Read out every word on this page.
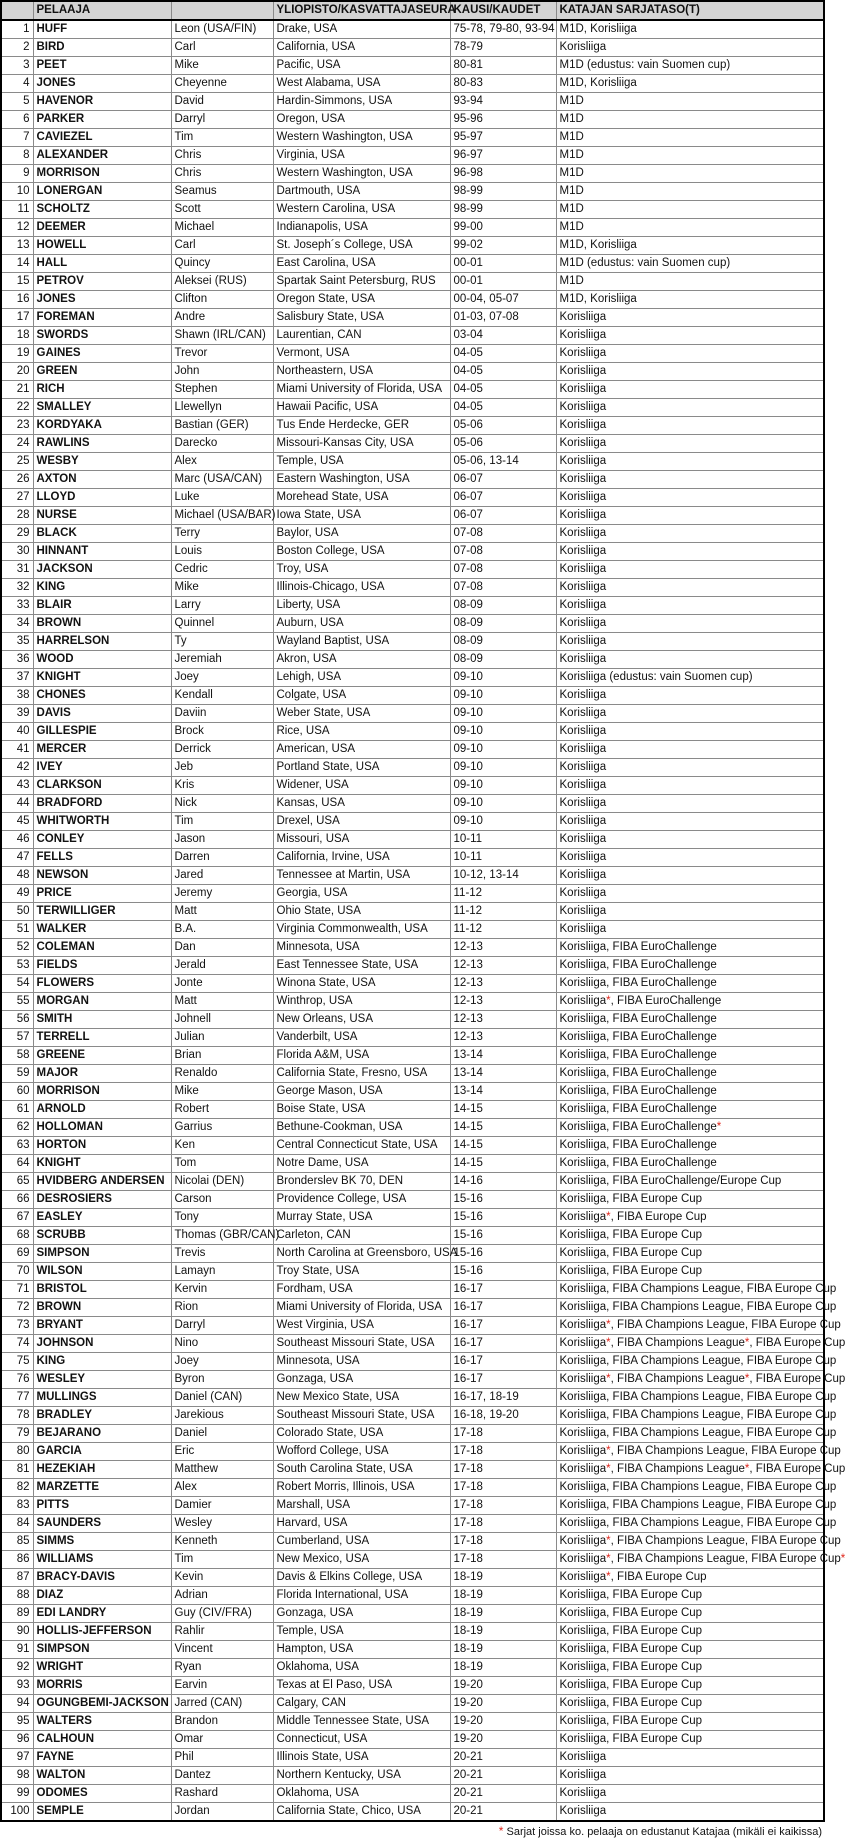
	PELAAJA		YLIOPISTO/KASVATTAJASEURA	KAUSI/KAUDET	KATAJAN SARJATASO(T)
1	HUFF	Leon (USA/FIN)	Drake, USA	75-78, 79-80, 93-94	M1D, Korisliiga
2	BIRD	Carl	California, USA	78-79	Korisliiga
3	PEET	Mike	Pacific, USA	80-81	M1D (edustus: vain Suomen cup)
4	JONES	Cheyenne	West Alabama, USA	80-83	M1D, Korisliiga
5	HAVENOR	David	Hardin-Simmons, USA	93-94	M1D
6	PARKER	Darryl	Oregon, USA	95-96	M1D
7	CAVIEZEL	Tim	Western Washington, USA	95-97	M1D
8	ALEXANDER	Chris	Virginia, USA	96-97	M1D
9	MORRISON	Chris	Western Washington, USA	96-98	M1D
10	LONERGAN	Seamus	Dartmouth, USA	98-99	M1D
11	SCHOLTZ	Scott	Western Carolina, USA	98-99	M1D
12	DEEMER	Michael	Indianapolis, USA	99-00	M1D
13	HOWELL	Carl	St. Joseph´s College, USA	99-02	M1D, Korisliiga
14	HALL	Quincy	East Carolina, USA	00-01	M1D (edustus: vain Suomen cup)
15	PETROV	Aleksei (RUS)	Spartak Saint Petersburg, RUS	00-01	M1D
16	JONES	Clifton	Oregon State, USA	00-04, 05-07	M1D, Korisliiga
17	FOREMAN	Andre	Salisbury State, USA	01-03, 07-08	Korisliiga
18	SWORDS	Shawn (IRL/CAN)	Laurentian, CAN	03-04	Korisliiga
19	GAINES	Trevor	Vermont, USA	04-05	Korisliiga
20	GREEN	John	Northeastern, USA	04-05	Korisliiga
21	RICH	Stephen	Miami University of Florida, USA	04-05	Korisliiga
22	SMALLEY	Llewellyn	Hawaii Pacific, USA	04-05	Korisliiga
23	KORDYAKA	Bastian (GER)	Tus Ende Herdecke, GER	05-06	Korisliiga
24	RAWLINS	Darecko	Missouri-Kansas City, USA	05-06	Korisliiga
25	WESBY	Alex	Temple, USA	05-06, 13-14	Korisliiga
26	AXTON	Marc (USA/CAN)	Eastern Washington, USA	06-07	Korisliiga
27	LLOYD	Luke	Morehead State, USA	06-07	Korisliiga
28	NURSE	Michael (USA/BAR)	Iowa State, USA	06-07	Korisliiga
29	BLACK	Terry	Baylor, USA	07-08	Korisliiga
30	HINNANT	Louis	Boston College, USA	07-08	Korisliiga
31	JACKSON	Cedric	Troy, USA	07-08	Korisliiga
32	KING	Mike	Illinois-Chicago, USA	07-08	Korisliiga
33	BLAIR	Larry	Liberty, USA	08-09	Korisliiga
34	BROWN	Quinnel	Auburn, USA	08-09	Korisliiga
35	HARRELSON	Ty	Wayland Baptist, USA	08-09	Korisliiga
36	WOOD	Jeremiah	Akron, USA	08-09	Korisliiga
37	KNIGHT	Joey	Lehigh, USA	09-10	Korisliiga (edustus: vain Suomen cup)
38	CHONES	Kendall	Colgate, USA	09-10	Korisliiga
39	DAVIS	Daviin	Weber State, USA	09-10	Korisliiga
40	GILLESPIE	Brock	Rice, USA	09-10	Korisliiga
41	MERCER	Derrick	American, USA	09-10	Korisliiga
42	IVEY	Jeb	Portland State, USA	09-10	Korisliiga
43	CLARKSON	Kris	Widener, USA	09-10	Korisliiga
44	BRADFORD	Nick	Kansas, USA	09-10	Korisliiga
45	WHITWORTH	Tim	Drexel, USA	09-10	Korisliiga
46	CONLEY	Jason	Missouri, USA	10-11	Korisliiga
47	FELLS	Darren	California, Irvine, USA	10-11	Korisliiga
48	NEWSON	Jared	Tennessee at Martin, USA	10-12, 13-14	Korisliiga
49	PRICE	Jeremy	Georgia, USA	11-12	Korisliiga
50	TERWILLIGER	Matt	Ohio State, USA	11-12	Korisliiga
51	WALKER	B.A.	Virginia Commonwealth, USA	11-12	Korisliiga
52	COLEMAN	Dan	Minnesota, USA	12-13	Korisliiga, FIBA EuroChallenge
53	FIELDS	Jerald	East Tennessee State, USA	12-13	Korisliiga, FIBA EuroChallenge
54	FLOWERS	Jonte	Winona State, USA	12-13	Korisliiga, FIBA EuroChallenge
55	MORGAN	Matt	Winthrop, USA	12-13	Korisliiga*, FIBA EuroChallenge
56	SMITH	Johnell	New Orleans, USA	12-13	Korisliiga, FIBA EuroChallenge
57	TERRELL	Julian	Vanderbilt, USA	12-13	Korisliiga, FIBA EuroChallenge
58	GREENE	Brian	Florida A&M, USA	13-14	Korisliiga, FIBA EuroChallenge
59	MAJOR	Renaldo	California State, Fresno, USA	13-14	Korisliiga, FIBA EuroChallenge
60	MORRISON	Mike	George Mason, USA	13-14	Korisliiga, FIBA EuroChallenge
61	ARNOLD	Robert	Boise State, USA	14-15	Korisliiga, FIBA EuroChallenge
62	HOLLOMAN	Garrius	Bethune-Cookman, USA	14-15	Korisliiga, FIBA EuroChallenge*
63	HORTON	Ken	Central Connecticut State, USA	14-15	Korisliiga, FIBA EuroChallenge
64	KNIGHT	Tom	Notre Dame, USA	14-15	Korisliiga, FIBA EuroChallenge
65	HVIDBERG ANDERSEN	Nicolai (DEN)	Bronderslev BK 70, DEN	14-16	Korisliiga, FIBA EuroChallenge/Europe Cup
66	DESROSIERS	Carson	Providence College, USA	15-16	Korisliiga, FIBA Europe Cup
67	EASLEY	Tony	Murray State, USA	15-16	Korisliiga*, FIBA Europe Cup
68	SCRUBB	Thomas (GBR/CAN)	Carleton, CAN	15-16	Korisliiga, FIBA Europe Cup
69	SIMPSON	Trevis	North Carolina at Greensboro, USA	15-16	Korisliiga, FIBA Europe Cup
70	WILSON	Lamayn	Troy State, USA	15-16	Korisliiga, FIBA Europe Cup
71	BRISTOL	Kervin	Fordham, USA	16-17	Korisliiga, FIBA Champions League, FIBA Europe Cup
72	BROWN	Rion	Miami University of Florida, USA	16-17	Korisliiga, FIBA Champions League, FIBA Europe Cup
73	BRYANT	Darryl	West Virginia, USA	16-17	Korisliiga*, FIBA Champions League, FIBA Europe Cup
74	JOHNSON	Nino	Southeast Missouri State, USA	16-17	Korisliiga*, FIBA Champions League*, FIBA Europe Cup
75	KING	Joey	Minnesota, USA	16-17	Korisliiga, FIBA Champions League, FIBA Europe Cup
76	WESLEY	Byron	Gonzaga, USA	16-17	Korisliiga*, FIBA Champions League*, FIBA Europe Cup
77	MULLINGS	Daniel (CAN)	New Mexico State, USA	16-17, 18-19	Korisliiga, FIBA Champions League, FIBA Europe Cup
78	BRADLEY	Jarekious	Southeast Missouri State, USA	16-18, 19-20	Korisliiga, FIBA Champions League, FIBA Europe Cup
79	BEJARANO	Daniel	Colorado State, USA	17-18	Korisliiga, FIBA Champions League, FIBA Europe Cup
80	GARCIA	Eric	Wofford College, USA	17-18	Korisliiga*, FIBA Champions League, FIBA Europe Cup
81	HEZEKIAH	Matthew	South Carolina State, USA	17-18	Korisliiga*, FIBA Champions League*, FIBA Europe Cup
82	MARZETTE	Alex	Robert Morris, Illinois, USA	17-18	Korisliiga, FIBA Champions League, FIBA Europe Cup
83	PITTS	Damier	Marshall, USA	17-18	Korisliiga, FIBA Champions League, FIBA Europe Cup
84	SAUNDERS	Wesley	Harvard, USA	17-18	Korisliiga, FIBA Champions League, FIBA Europe Cup
85	SIMMS	Kenneth	Cumberland, USA	17-18	Korisliiga*, FIBA Champions League, FIBA Europe Cup
86	WILLIAMS	Tim	New Mexico, USA	17-18	Korisliiga*, FIBA Champions League, FIBA Europe Cup*
87	BRACY-DAVIS	Kevin	Davis & Elkins College, USA	18-19	Korisliiga*, FIBA Europe Cup
88	DIAZ	Adrian	Florida International, USA	18-19	Korisliiga, FIBA Europe Cup
89	EDI LANDRY	Guy (CIV/FRA)	Gonzaga, USA	18-19	Korisliiga, FIBA Europe Cup
90	HOLLIS-JEFFERSON	Rahlir	Temple, USA	18-19	Korisliiga, FIBA Europe Cup
91	SIMPSON	Vincent	Hampton, USA	18-19	Korisliiga, FIBA Europe Cup
92	WRIGHT	Ryan	Oklahoma, USA	18-19	Korisliiga, FIBA Europe Cup
93	MORRIS	Earvin	Texas at El Paso, USA	19-20	Korisliiga, FIBA Europe Cup
94	OGUNGBEMI-JACKSON	Jarred (CAN)	Calgary, CAN	19-20	Korisliiga, FIBA Europe Cup
95	WALTERS	Brandon	Middle Tennessee State, USA	19-20	Korisliiga, FIBA Europe Cup
96	CALHOUN	Omar	Connecticut, USA	19-20	Korisliiga, FIBA Europe Cup
97	FAYNE	Phil	Illinois State, USA	20-21	Korisliiga
98	WALTON	Dantez	Northern Kentucky, USA	20-21	Korisliiga
99	ODOMES	Rashard	Oklahoma, USA	20-21	Korisliiga
100	SEMPLE	Jordan	California State, Chico, USA	20-21	Korisliiga
* Sarjat joissa ko. pelaaja on edustanut Katajaa (mikäli ei kaikissa)
